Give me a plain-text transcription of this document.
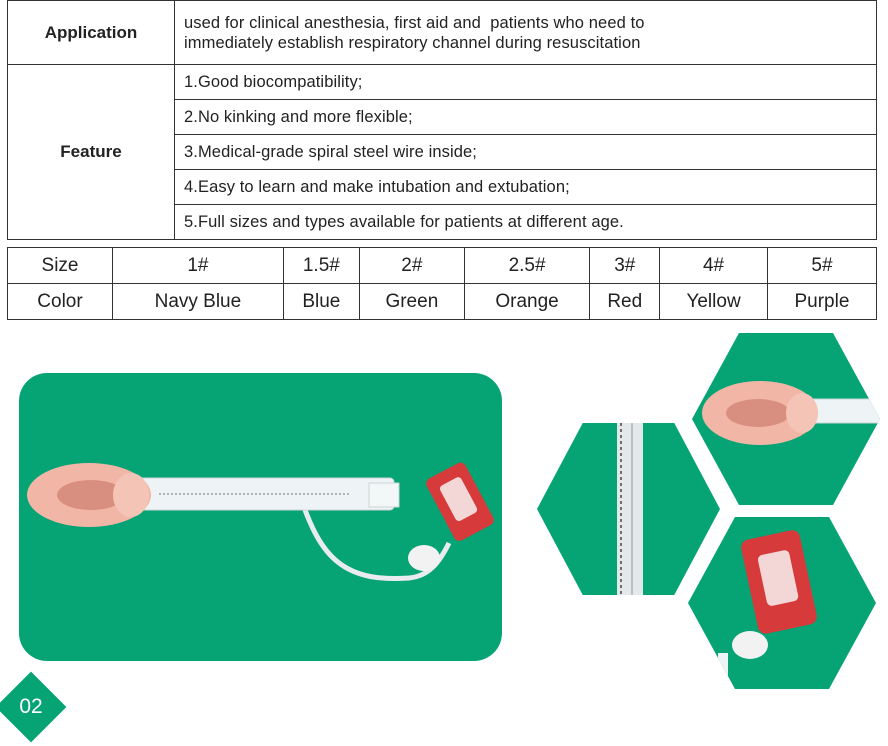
Application	used for clinical anesthesia, first aid and  patients who need to
immediately establish respiratory channel during resuscitation
Feature	1.Good biocompatibility;
	2.No kinking and more flexible;
	3.Medical-grade spiral steel wire inside;
	4.Easy to learn and make intubation and extubation;
	5.Full sizes and types available for patients at different age.
Size	1#	1.5#	2#	2.5#	3#	4#	5#
Color	Navy Blue	Blue	Green	Orange	Red	Yellow	Purple
02
